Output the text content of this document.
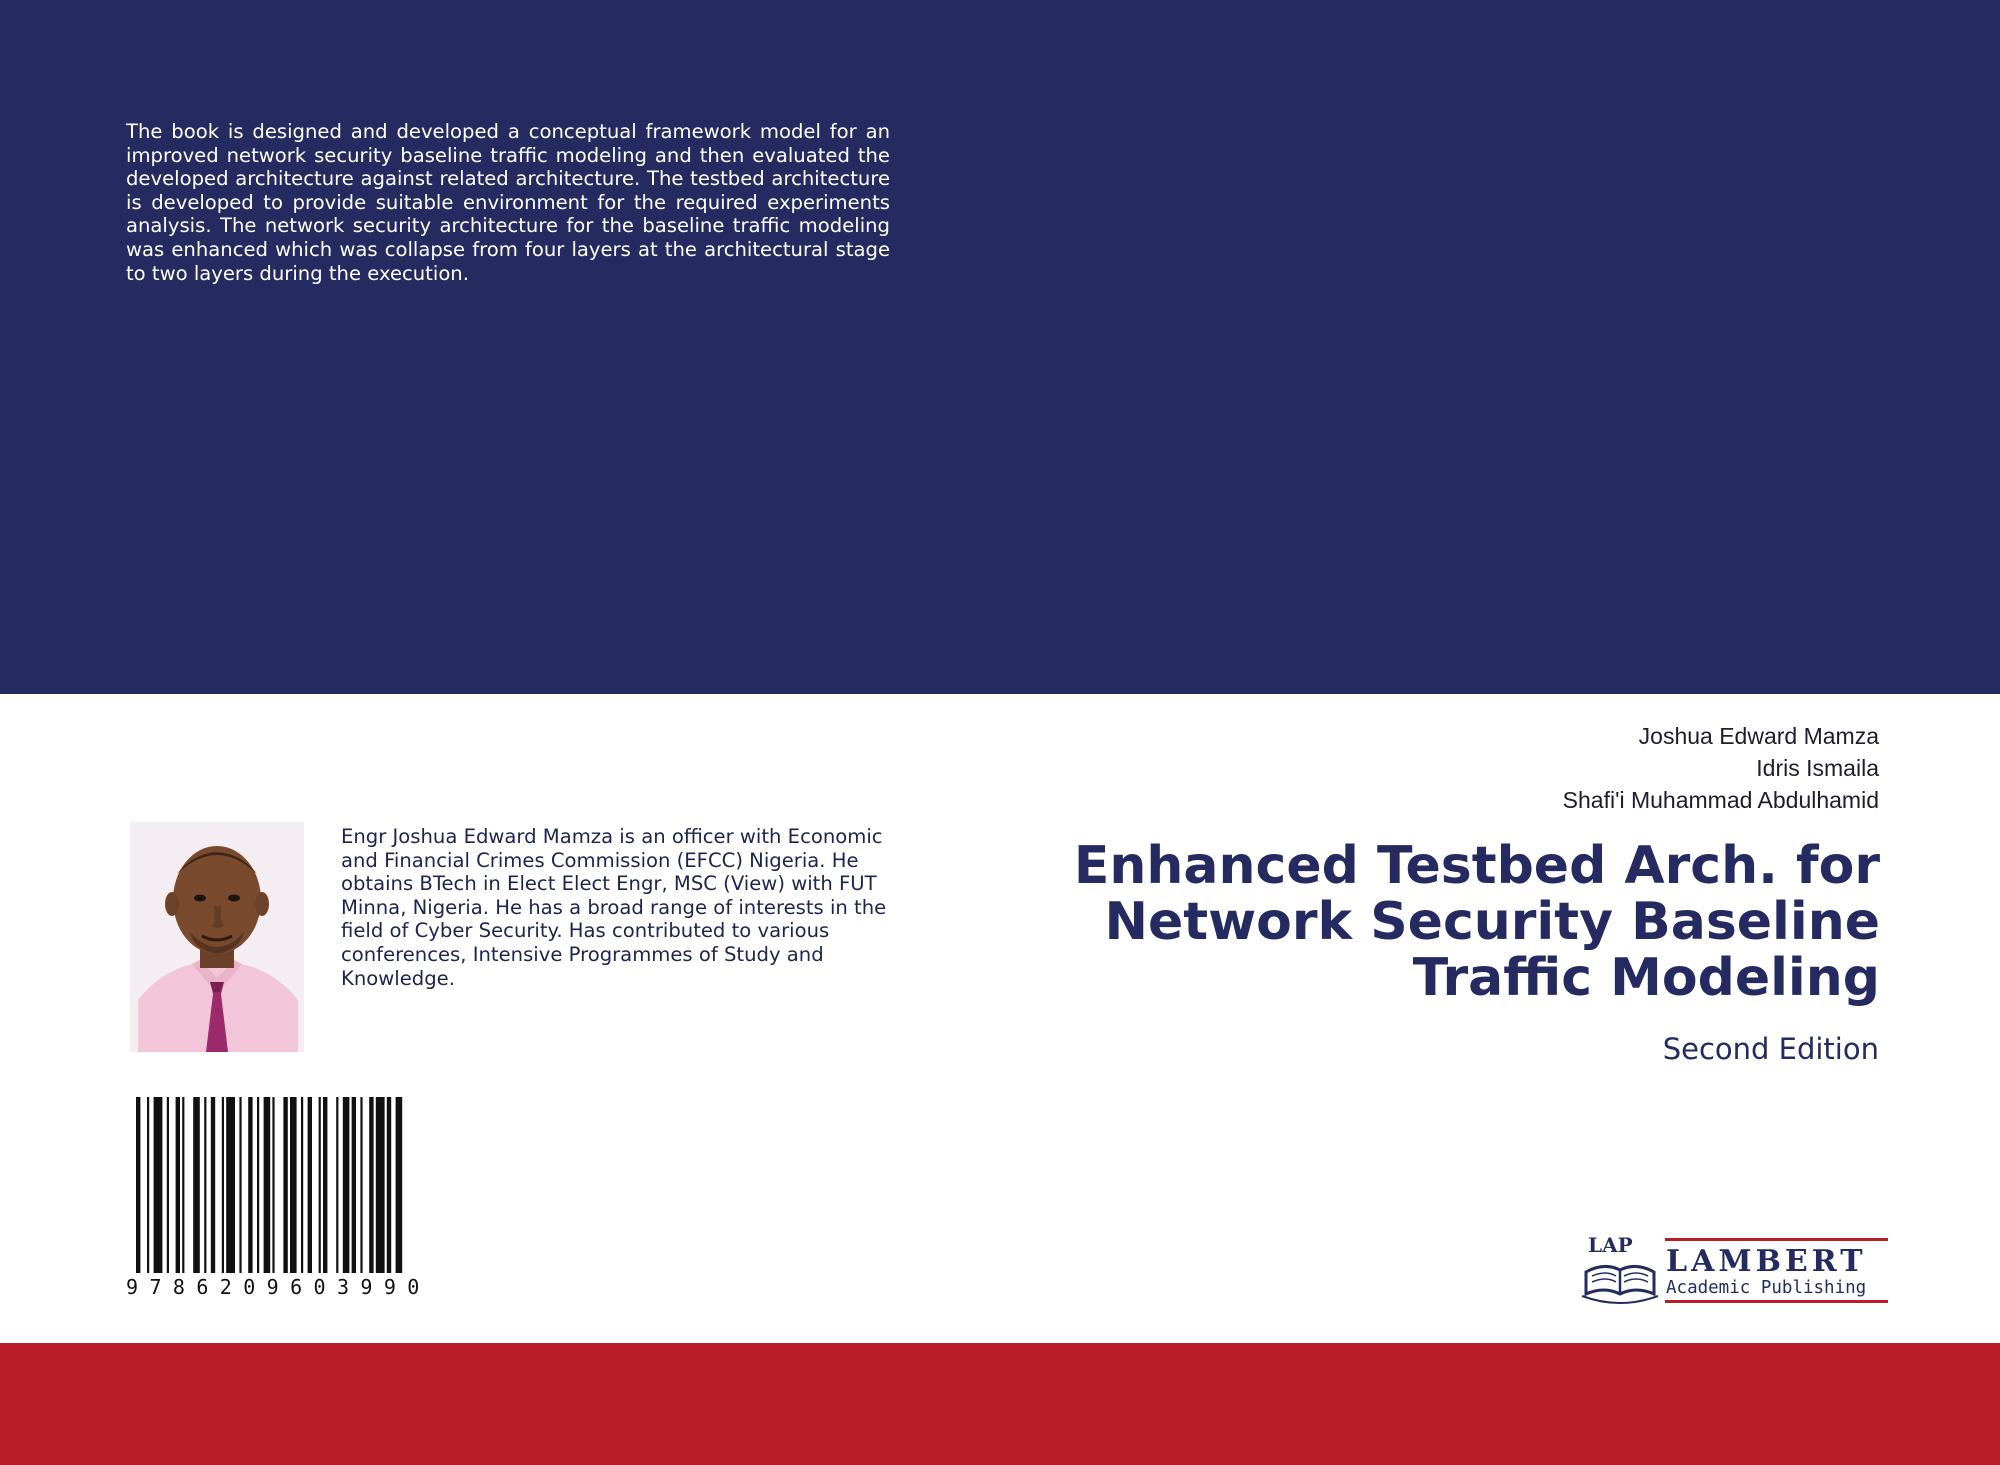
The book is designed and developed a conceptual framework model for an improved network security baseline traffic modeling and then evaluated the developed architecture against related architecture. The testbed architecture is developed to provide suitable environment for the required experiments analysis. The network security architecture for the baseline traffic modeling was enhanced which was collapse from four layers at the architectural stage to two layers during the execution.

Engr Joshua Edward Mamza is an officer with Economic and Financial Crimes Commission (EFCC) Nigeria. He obtains BTech in Elect Elect Engr, MSC (View) with FUT Minna, Nigeria. He has a broad range of interests in the field of Cyber Security. Has contributed to various conferences, Intensive Programmes of Study and Knowledge.

9786209603990
Joshua Edward Mamza
Idris Ismaila
Shafi'i Muhammad Abdulhamid
Enhanced Testbed Arch. for Network Security Baseline Traffic Modeling
Second Edition
LAP LAMBERT
Academic Publishing
